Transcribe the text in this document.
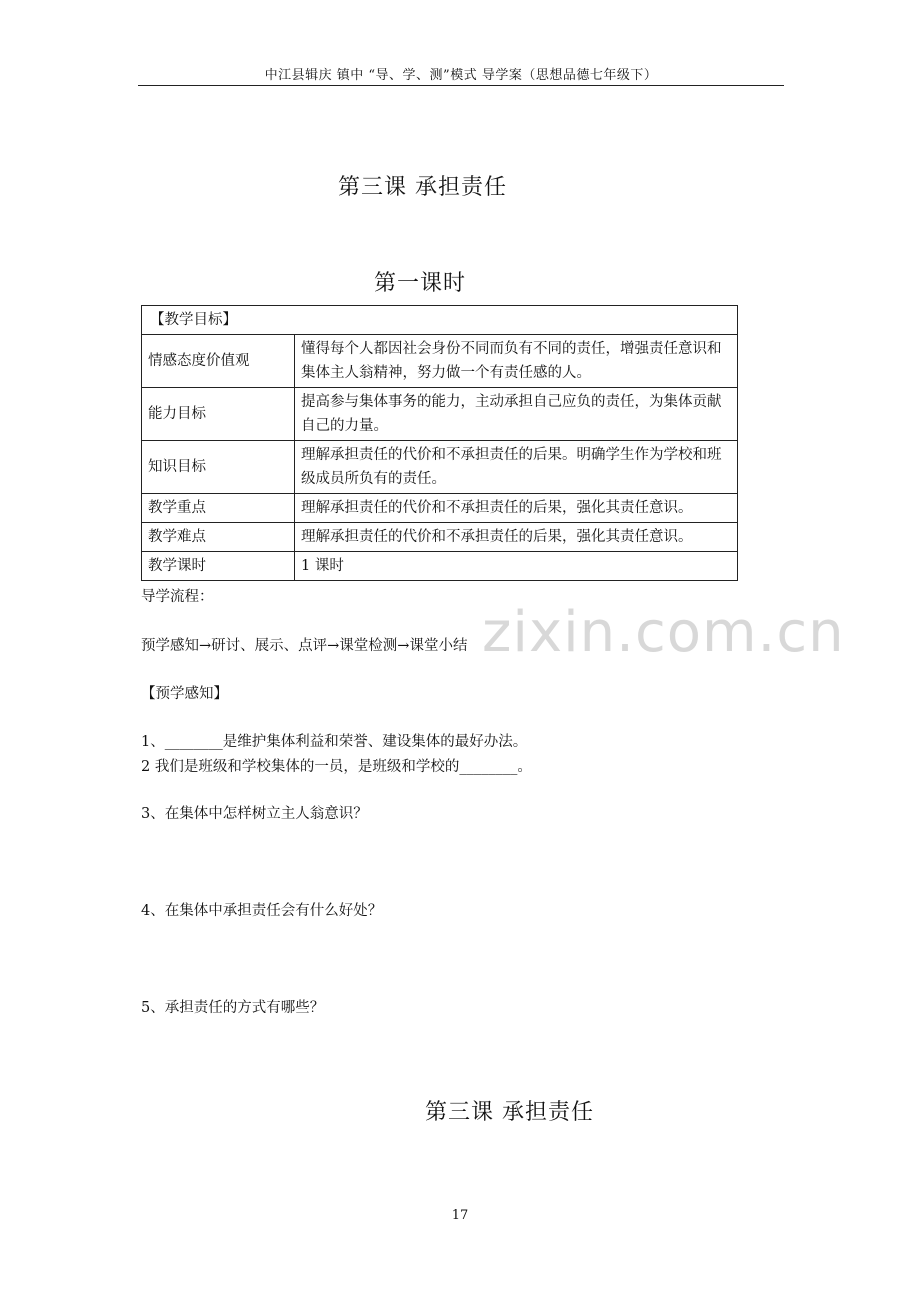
中江县辑庆 镇中 “导、学、测”模式 导学案（思想品德七年级下）
第三课 承担责任
第一课时
【教学目标】	
情感态度价值观	懂得每个人都因社会身份不同而负有不同的责任，增强责任意识和集体主人翁精神，努力做一个有责任感的人。
能力目标	提高参与集体事务的能力，主动承担自己应负的责任，为集体贡献自己的力量。
知识目标	理解承担责任的代价和不承担责任的后果。明确学生作为学校和班级成员所负有的责任。
教学重点	理解承担责任的代价和不承担责任的后果，强化其责任意识。
教学难点	理解承担责任的代价和不承担责任的后果，强化其责任意识。
教学课时	1 课时
zixin.com.cn
导学流程：
预学感知→研讨、展示、点评→课堂检测→课堂小结
【预学感知】
1、________是维护集体利益和荣誉、建设集体的最好办法。
2 我们是班级和学校集体的一员，是班级和学校的________。
3、在集体中怎样树立主人翁意识？
4、在集体中承担责任会有什么好处？
5、承担责任的方式有哪些？
第三课 承担责任
17
